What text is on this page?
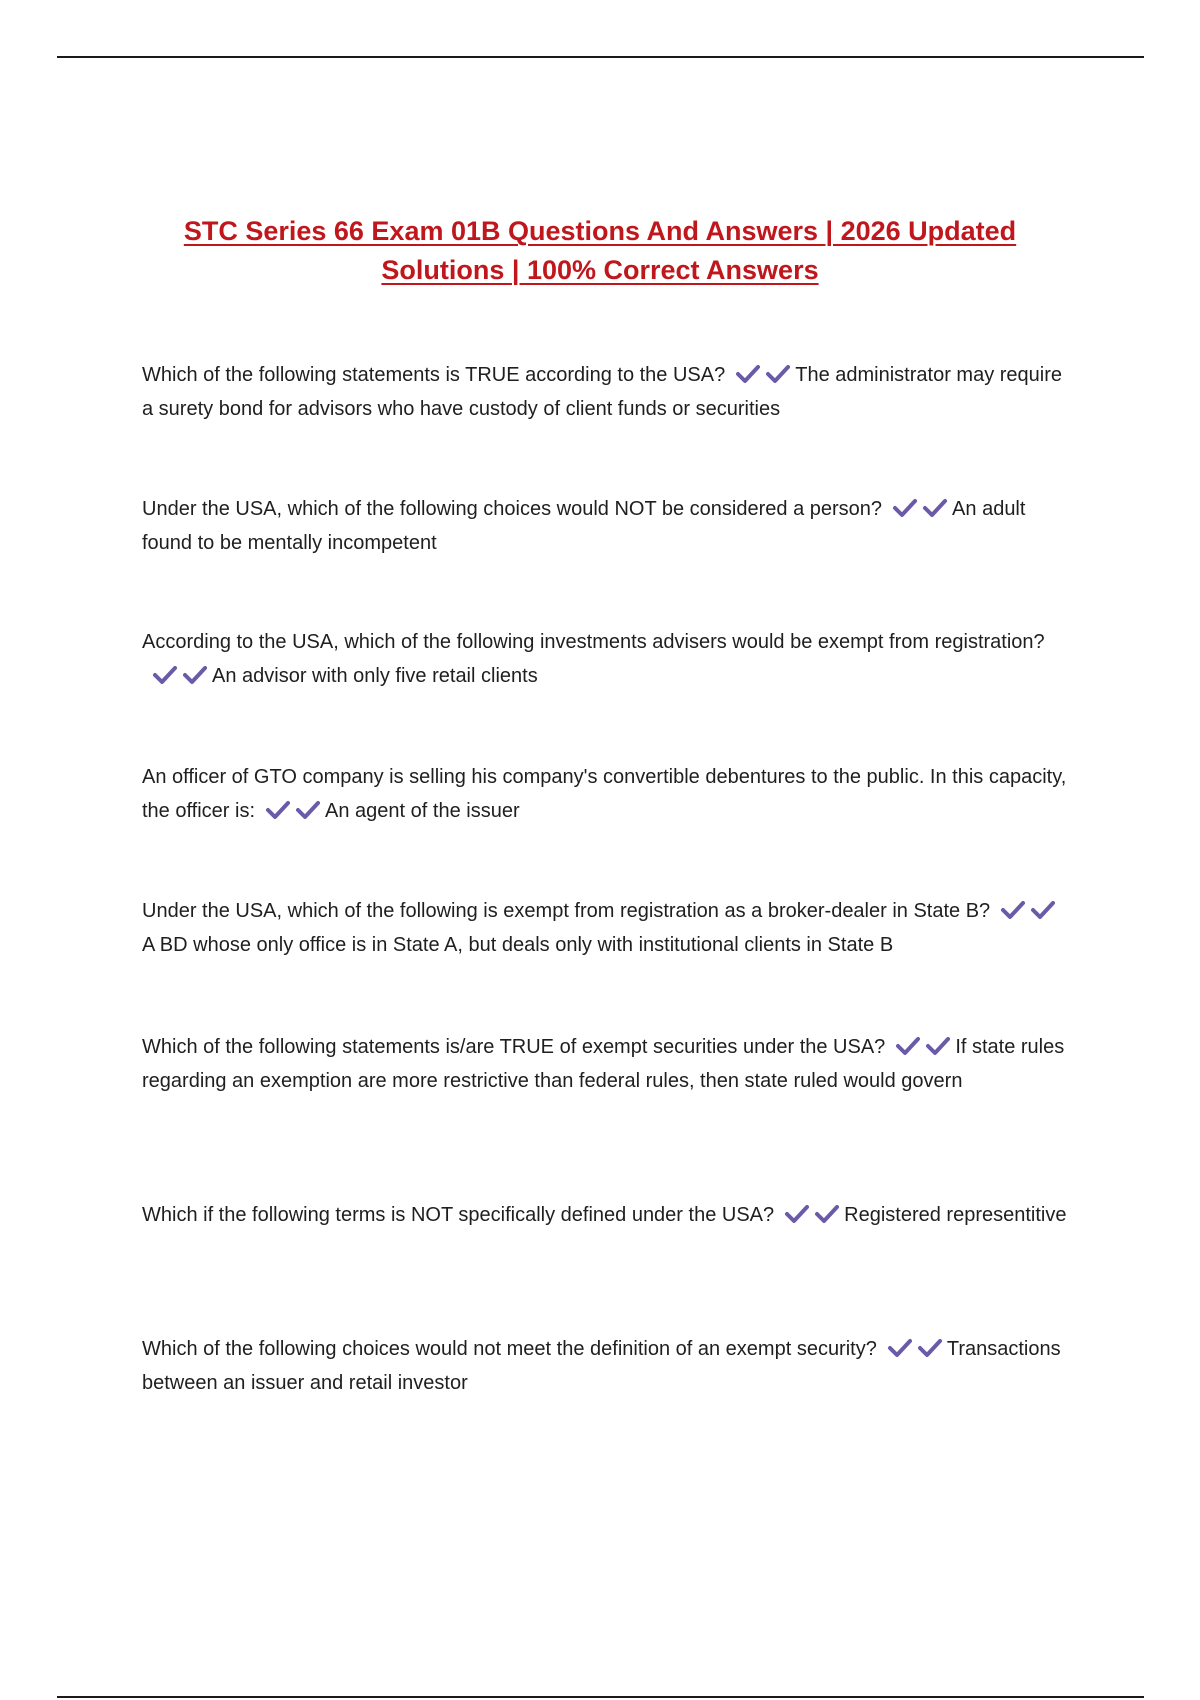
STC Series 66 Exam 01B Questions And Answers | 2026 Updated
Solutions | 100% Correct Answers

Which of the following statements is TRUE according to the USA?	The administrator may require a surety bond for advisors who have custody of client funds or securities

Under the USA, which of the following choices would NOT be considered a person?	An adult found to be mentally incompetent

According to the USA, which of the following investments advisers would be exempt from registration?
An advisor with only five retail clients

An officer of GTO company is selling his company's convertible debentures to the public. In this capacity, the officer is:	An agent of the issuer

Under the USA, which of the following is exempt from registration as a broker-dealer in State B?
A BD whose only office is in State A, but deals only with institutional clients in State B

Which of the following statements is/are TRUE of exempt securities under the USA?	If state rules regarding an exemption are more restrictive than federal rules, then state ruled would govern

Which if the following terms is NOT specifically defined under the USA?	Registered representitive

Which of the following choices would not meet the definition of an exempt security?	Transactions between an issuer and retail investor
